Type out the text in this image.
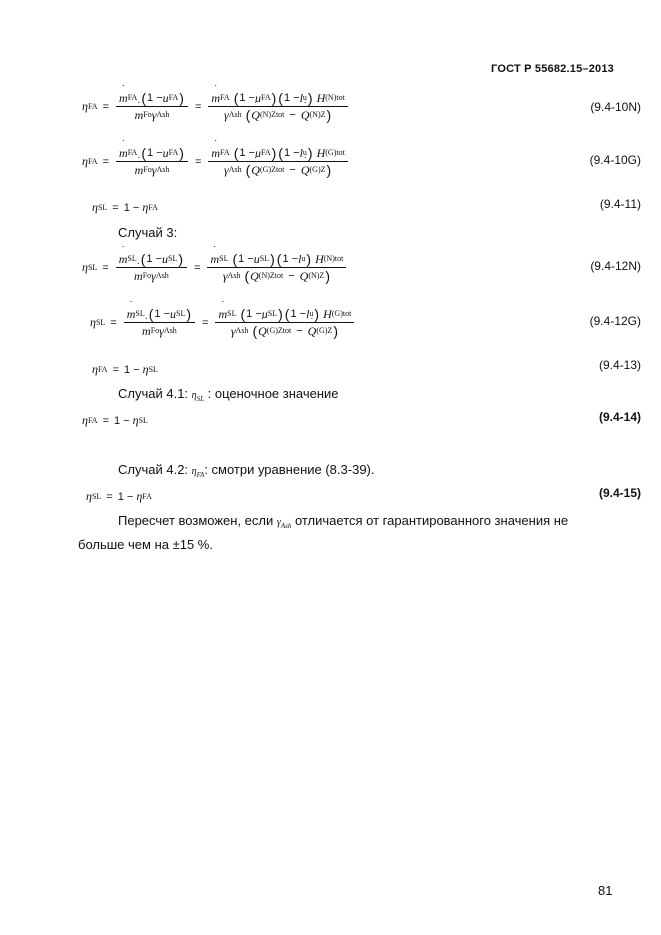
ГОСТ Р 55682.15–2013
η FA = ˙ m FA
( 1 − u FA )
˙ m Fo γ Ash = ˙ m FA
( 1 − u FA ) ( 1 − l u )
H (N)tot
γ Ash
( ˙ Q (N)Ztot − ˙ Q (N)Z )	(9.4-10N)
η FA = ˙ m FA
( 1 − u FA )
˙ m Fo γ Ash = ˙ m FA
( 1 − u FA ) ( 1 − l u )
H (G)tot
γ Ash
( ˙ Q (G)Ztot − ˙ Q (G)Z )	(9.4-10G)
η SL = 1 −
η FA	(9.4-11)
Случай 3:
η SL = ˙ m SL
( 1 − u SL )
˙ m Fo γ Ash = ˙ m SL
( 1 − u SL ) ( 1 − l u )
H (N)tot
γ Ash
( Q (N)Ztot − Q (N)Z )	(9.4-12N)
η SL = ˙ m SL
( 1 − u SL )
˙ m Fo γ Ash = ˙ m SL
( 1 − u SL ) ( 1 − l u )
H (G)tot
γ Ash
( ˙ Q (G)Ztot − ˙ Q (G)Z )	(9.4-12G)
η FA = 1 −
η SL	(9.4-13)
Случай 4.1: $\eta_{SL}$ : оценочное значение
η FA = 1 −
η SL	(9.4-14)
Случай 4.2: $\eta_{FA}$: смотри уравнение (8.3-39).
η SL = 1 −
η FA	(9.4-15)
Пересчет возможен, если $\gamma_{Ash}$ отличается от гарантированного значения не
больше чем на ±15 %.
81
